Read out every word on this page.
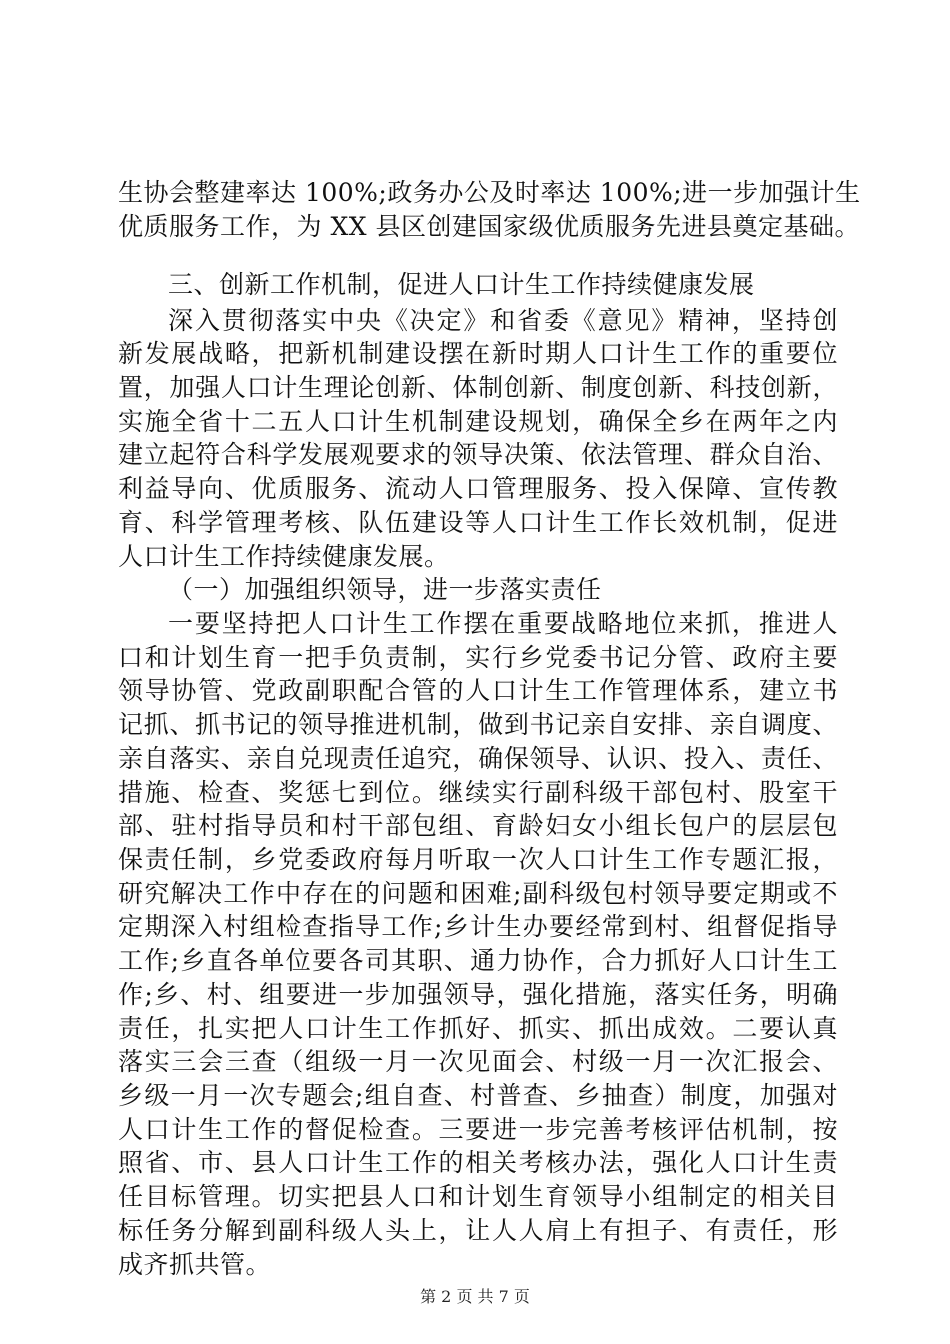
生协会整建率达 100%;政务办公及时率达 100%;进一步加强计生
优质服务工作，为 XX 县区创建国家级优质服务先进县奠定基础。
三、创新工作机制，促进人口计生工作持续健康发展
深入贯彻落实中央《决定》和省委《意见》精神，坚持创
新发展战略，把新机制建设摆在新时期人口计生工作的重要位
置，加强人口计生理论创新、体制创新、制度创新、科技创新，
实施全省十二五人口计生机制建设规划，确保全乡在两年之内
建立起符合科学发展观要求的领导决策、依法管理、群众自治、
利益导向、优质服务、流动人口管理服务、投入保障、宣传教
育、科学管理考核、队伍建设等人口计生工作长效机制，促进
人口计生工作持续健康发展。
（一）加强组织领导，进一步落实责任
一要坚持把人口计生工作摆在重要战略地位来抓，推进人
口和计划生育一把手负责制，实行乡党委书记分管、政府主要
领导协管、党政副职配合管的人口计生工作管理体系，建立书
记抓、抓书记的领导推进机制，做到书记亲自安排、亲自调度、
亲自落实、亲自兑现责任追究，确保领导、认识、投入、责任、
措施、检查、奖惩七到位。继续实行副科级干部包村、股室干
部、驻村指导员和村干部包组、育龄妇女小组长包户的层层包
保责任制，乡党委政府每月听取一次人口计生工作专题汇报，
研究解决工作中存在的问题和困难;副科级包村领导要定期或不
定期深入村组检查指导工作;乡计生办要经常到村、组督促指导
工作;乡直各单位要各司其职、通力协作，合力抓好人口计生工
作;乡、村、组要进一步加强领导，强化措施，落实任务，明确
责任，扎实把人口计生工作抓好、抓实、抓出成效。二要认真
落实三会三查（组级一月一次见面会、村级一月一次汇报会、
乡级一月一次专题会;组自查、村普查、乡抽查）制度，加强对
人口计生工作的督促检查。三要进一步完善考核评估机制，按
照省、市、县人口计生工作的相关考核办法，强化人口计生责
任目标管理。切实把县人口和计划生育领导小组制定的相关目
标任务分解到副科级人头上，让人人肩上有担子、有责任，形
成齐抓共管。
第 2 页 共 7 页
